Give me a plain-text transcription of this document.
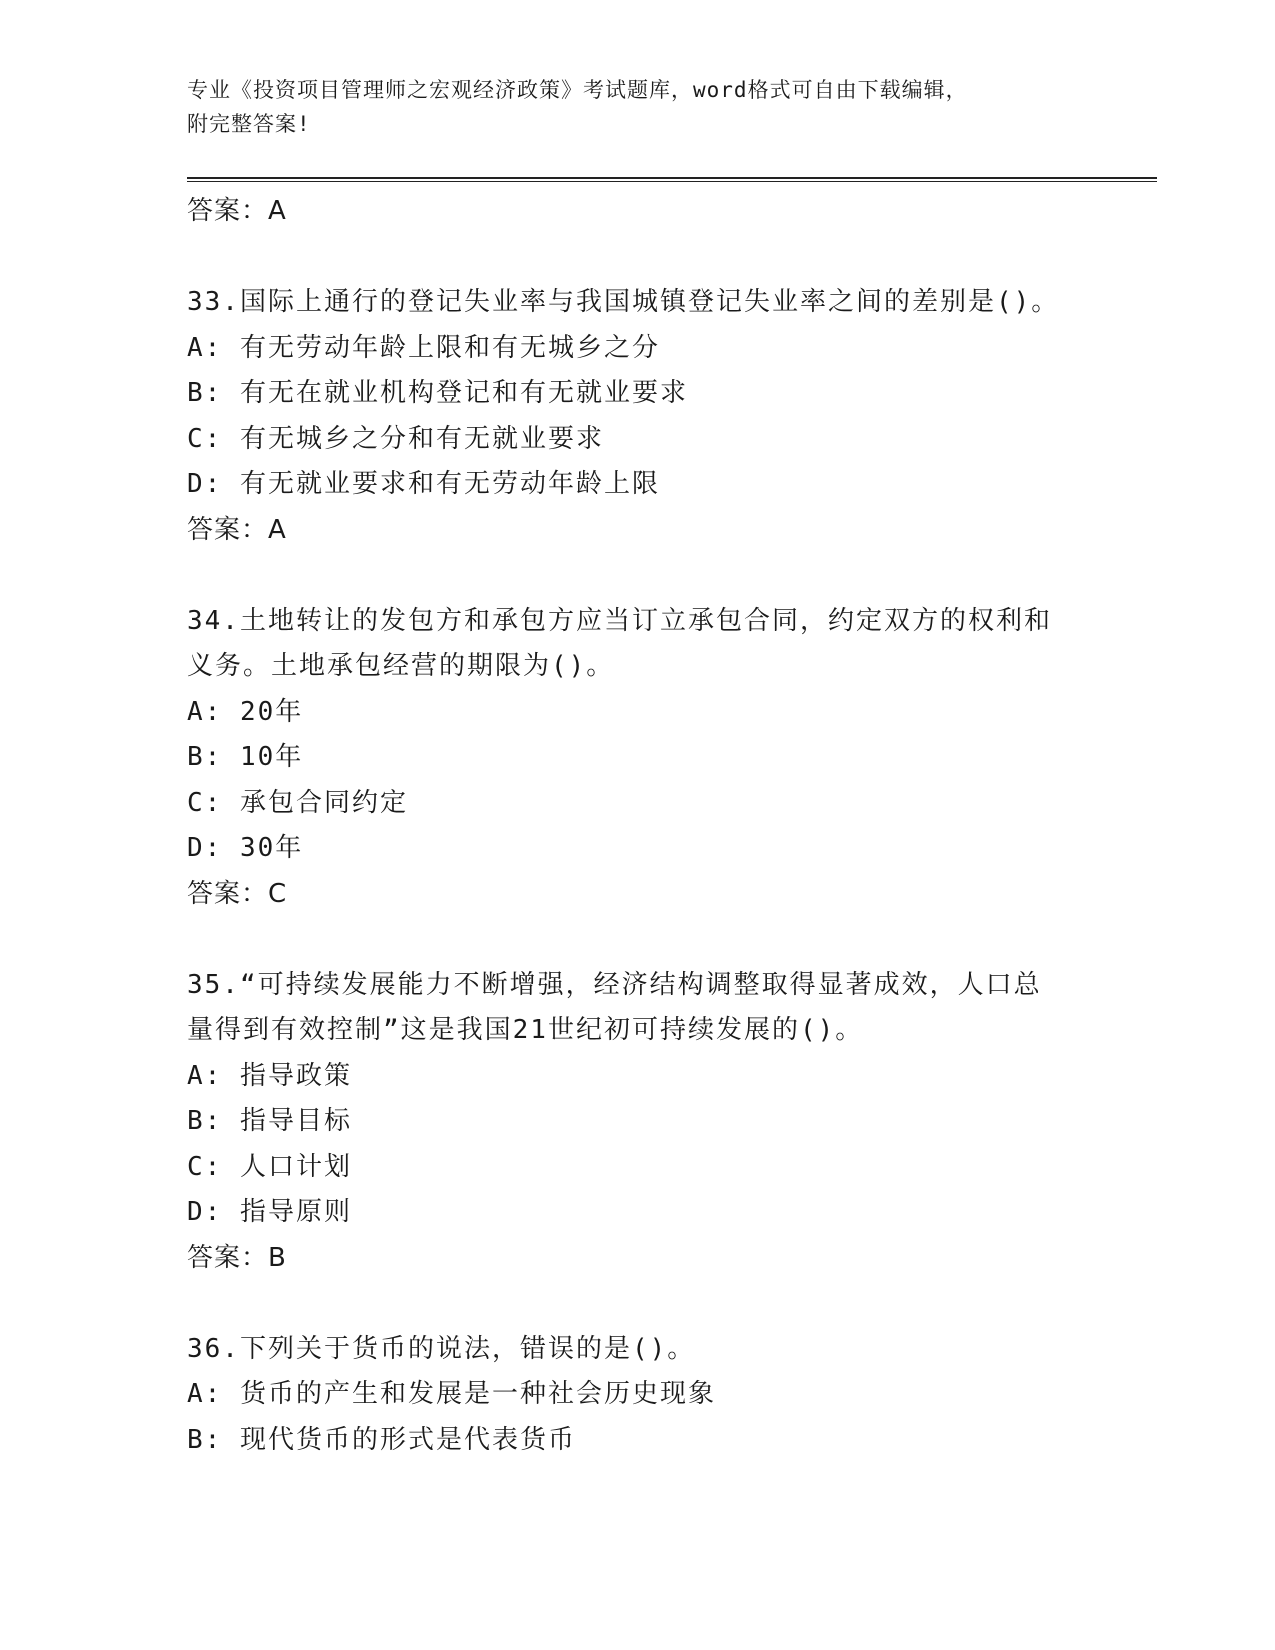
专业《投资项目管理师之宏观经济政策》考试题库，word格式可自由下载编辑，
附完整答案!
答案：A
33.国际上通行的登记失业率与我国城镇登记失业率之间的差别是()。
A: 有无劳动年龄上限和有无城乡之分
B: 有无在就业机构登记和有无就业要求
C: 有无城乡之分和有无就业要求
D: 有无就业要求和有无劳动年龄上限
答案：A
34.土地转让的发包方和承包方应当订立承包合同，约定双方的权利和
义务。土地承包经营的期限为()。
A: 20年
B: 10年
C: 承包合同约定
D: 30年
答案：C
35.“可持续发展能力不断增强，经济结构调整取得显著成效，人口总
量得到有效控制”这是我国21世纪初可持续发展的()。
A: 指导政策
B: 指导目标
C: 人口计划
D: 指导原则
答案：B
36.下列关于货币的说法，错误的是()。
A: 货币的产生和发展是一种社会历史现象
B: 现代货币的形式是代表货币
